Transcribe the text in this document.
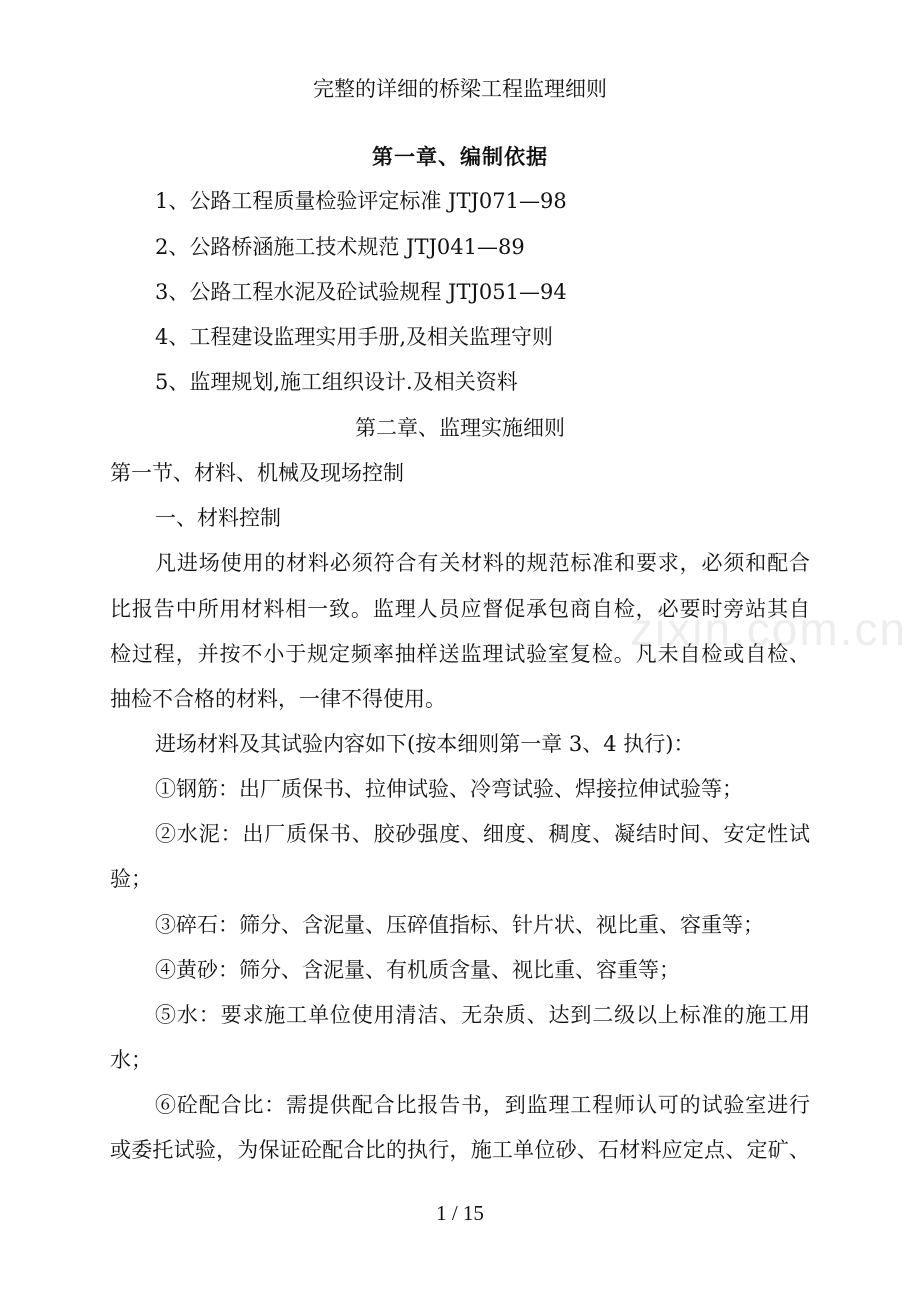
完整的详细的桥梁工程监理细则
第一章、编制依据
1、公路工程质量检验评定标准 JTJ071—98
2、公路桥涵施工技术规范 JTJ041—89
3、公路工程水泥及砼试验规程 JTJ051—94
4、工程建设监理实用手册,及相关监理守则
5、监理规划,施工组织设计.及相关资料
第二章、监理实施细则
第一节、材料、机械及现场控制
一、材料控制
凡进场使用的材料必须符合有关材料的规范标准和要求，必须和配合
比报告中所用材料相一致。监理人员应督促承包商自检，必要时旁站其自
检过程，并按不小于规定频率抽样送监理试验室复检。凡未自检或自检、
抽检不合格的材料，一律不得使用。
进场材料及其试验内容如下(按本细则第一章 3、4 执行)：
①钢筋：出厂质保书、拉伸试验、冷弯试验、焊接拉伸试验等；
②水泥：出厂质保书、胶砂强度、细度、稠度、凝结时间、安定性试
验；
③碎石：筛分、含泥量、压碎值指标、针片状、视比重、容重等；
④黄砂：筛分、含泥量、有机质含量、视比重、容重等；
⑤水：要求施工单位使用清洁、无杂质、达到二级以上标准的施工用
水；
⑥砼配合比：需提供配合比报告书，到监理工程师认可的试验室进行
或委托试验，为保证砼配合比的执行，施工单位砂、石材料应定点、定矿、
zixin.com.cn
1 / 15
